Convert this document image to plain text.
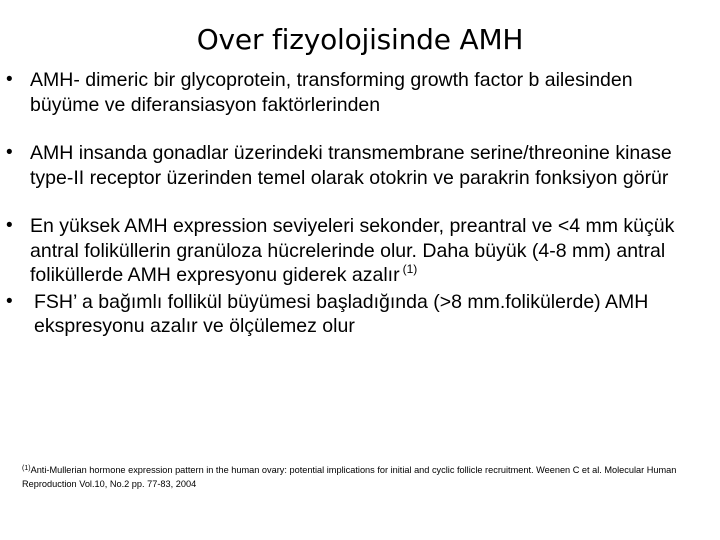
Over fizyolojisinde AMH
• AMH- dimeric bir glycoprotein, transforming growth factor b ailesinden büyüme ve diferansiasyon faktörlerinden
• AMH insanda gonadlar üzerindeki transmembrane serine/threonine kinase type-II receptor üzerinden temel olarak otokrin ve parakrin fonksiyon görür
• En yüksek AMH expression seviyeleri sekonder, preantral ve <4 mm küçük antral foliküllerin granüloza hücrelerinde olur. Daha büyük (4-8 mm) antral foliküllerde AMH expresyonu giderek azalır $^{(1)}$
•	FSH’ a bağımlı follikül büyümesi başladığında (>8 mm.folikülerde) AMH ekspresyonu azalır ve ölçülemez olur
$^{(1)}$Anti-Mullerian hormone expression pattern in the human ovary: potential implications for initial and cyclic follicle recruitment. Weenen C et al. Molecular Human Reproduction Vol.10, No.2 pp. 77-83, 2004
